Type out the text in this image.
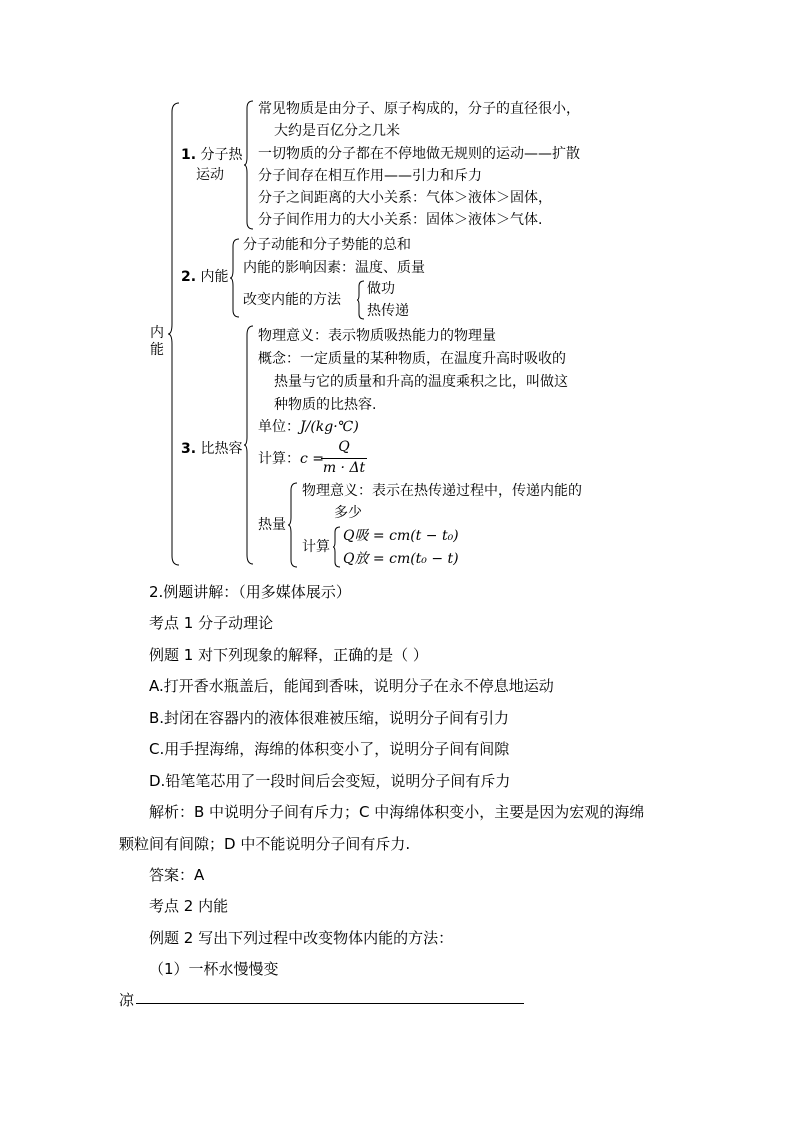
内能
1. 分子热
运动
常见物质是由分子、原子构成的，分子的直径很小，
大约是百亿分之几米
一切物质的分子都在不停地做无规则的运动——扩散
分子间存在相互作用——引力和斥力
分子之间距离的大小关系：气体＞液体＞固体，
分子间作用力的大小关系：固体＞液体＞气体.
2. 内能
分子动能和分子势能的总和
内能的影响因素：温度、质量
改变内能的方法
做功
热传递
3. 比热容
物理意义：表示物质吸热能力的物理量
概念：一定质量的某种物质，在温度升高时吸收的
热量与它的质量和升高的温度乘积之比，叫做这
种物质的比热容.
单位：J/(kg·℃)
计算： c =
Q
m · Δt
热量
物理意义：表示在热传递过程中，传递内能的
多少
计算
Q吸 = cm(t − t₀)
Q放 = cm(t₀ − t)
2.例题讲解：（用多媒体展示）
考点 1 分子动理论
例题 1 对下列现象的解释，正确的是（ ）
A.打开香水瓶盖后，能闻到香味，说明分子在永不停息地运动
B.封闭在容器内的液体很难被压缩，说明分子间有引力
C.用手捏海绵，海绵的体积变小了，说明分子间有间隙
D.铅笔笔芯用了一段时间后会变短，说明分子间有斥力
解析：B 中说明分子间有斥力；C 中海绵体积变小，主要是因为宏观的海绵
颗粒间有间隙；D 中不能说明分子间有斥力.
答案：A
考点 2 内能
例题 2 写出下列过程中改变物体内能的方法：
（1）一杯水慢慢变
凉
